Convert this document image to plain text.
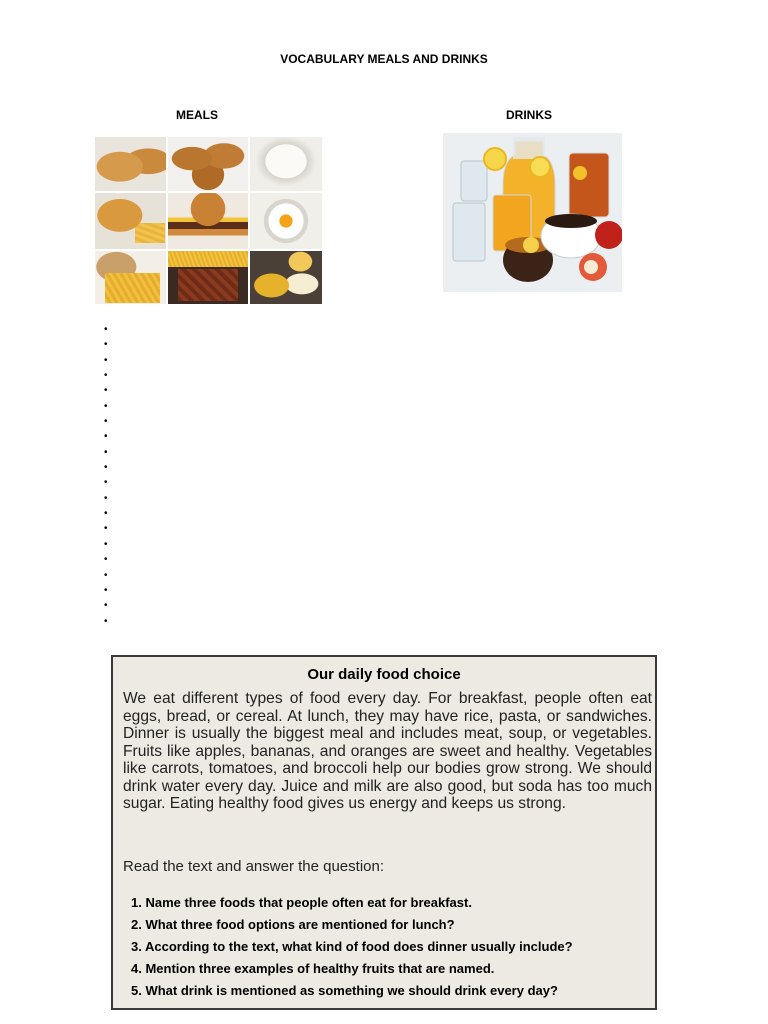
VOCABULARY MEALS AND DRINKS
MEALS	DRINKS
Our daily food choice
We eat different types of food every day. For breakfast, people often eat eggs, bread, or cereal. At lunch, they may have rice, pasta, or sandwiches. Dinner is usually the biggest meal and includes meat, soup, or vegetables. Fruits like apples, bananas, and oranges are sweet and healthy. Vegetables like carrots, tomatoes, and broccoli help our bodies grow strong. We should drink water every day. Juice and milk are also good, but soda has too much sugar. Eating healthy food gives us energy and keeps us strong.
Read the text and answer the question:
1. Name three foods that people often eat for breakfast.
2. What three food options are mentioned for lunch?
3. According to the text, what kind of food does dinner usually include?
4. Mention three examples of healthy fruits that are named.
5. What drink is mentioned as something we should drink every day?
